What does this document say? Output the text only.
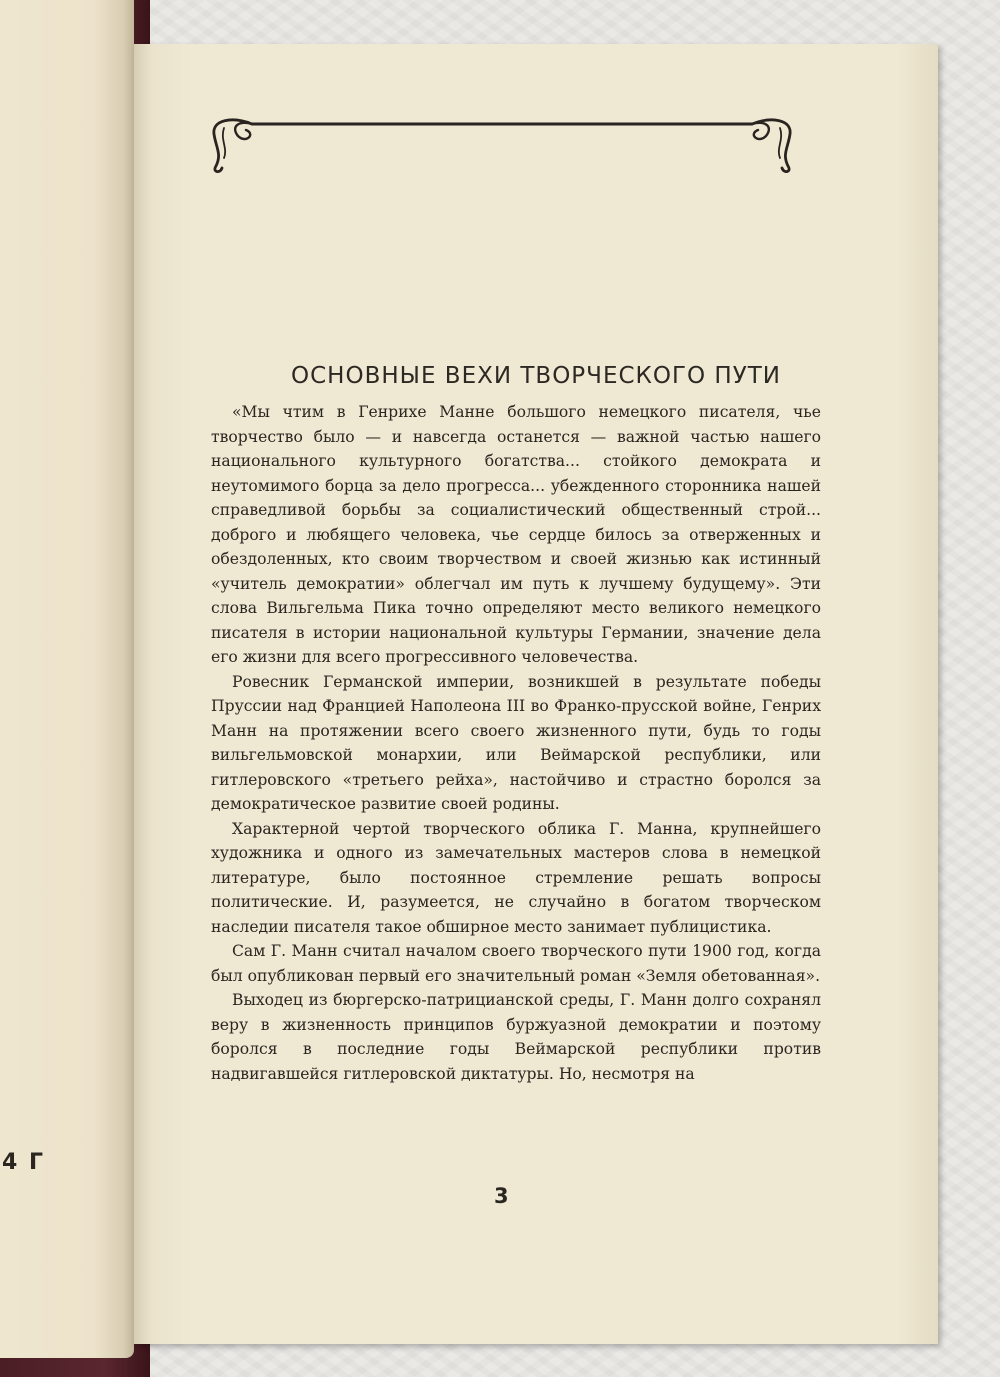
4 Г
ОСНОВНЫЕ ВЕХИ ТВОРЧЕСКОГО ПУТИ

«Мы чтим в Генрихе Манне большого немецкого писателя, чье творчество было — и навсегда останется — важной частью нашего национального культурного богатства... стойкого демократа и неутомимого борца за дело прогресса... убежденного сторонника нашей справедливой борьбы за социалистический общественный строй... доброго и любящего человека, чье сердце билось за отверженных и обездоленных, кто своим творчеством и своей жизнью как истинный «учитель демократии» облегчал им путь к лучшему будущему». Эти слова Вильгельма Пика точно определяют место великого немецкого писателя в истории национальной культуры Германии, значение дела его жизни для всего прогрессивного человечества.

Ровесник Германской империи, возникшей в результате победы Пруссии над Францией Наполеона III во Франко-прусской войне, Генрих Манн на протяжении всего своего жизненного пути, будь то годы вильгельмовской монархии, или Веймарской республики, или гитлеровского «третьего рейха», настойчиво и страстно боролся за демократическое развитие своей родины.

Характерной чертой творческого облика Г. Манна, крупнейшего художника и одного из замечательных мастеров слова в немецкой литературе, было постоянное стремление решать вопросы политические. И, разумеется, не случайно в богатом творческом наследии писателя такое обширное место занимает публицистика.

Сам Г. Манн считал началом своего творческого пути 1900 год, когда был опубликован первый его значительный роман «Земля обетованная».

Выходец из бюргерско-патрицианской среды, Г. Манн долго сохранял веру в жизненность принципов буржуазной демократии и поэтому боролся в последние годы Веймарской республики против надвигавшейся гитлеровской диктатуры. Но, несмотря на

3
